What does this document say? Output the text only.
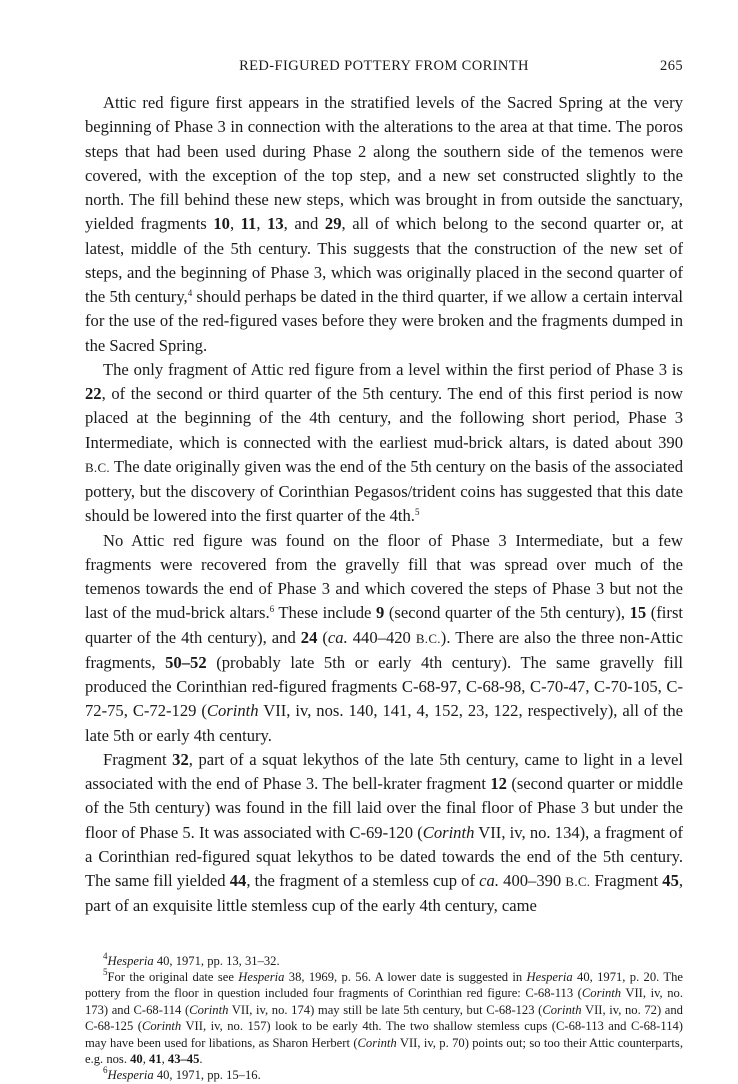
RED-FIGURED POTTERY FROM CORINTH	265

Attic red figure first appears in the stratified levels of the Sacred Spring at the very beginning of Phase 3 in connection with the alterations to the area at that time. The poros steps that had been used during Phase 2 along the southern side of the temenos were covered, with the exception of the top step, and a new set constructed slightly to the north. The fill behind these new steps, which was brought in from outside the sanctuary, yielded fragments 10, 11, 13, and 29, all of which belong to the second quarter or, at latest, middle of the 5th century. This suggests that the construction of the new set of steps, and the beginning of Phase 3, which was originally placed in the second quarter of the 5th century,$^4$ should perhaps be dated in the third quarter, if we allow a certain interval for the use of the red-figured vases before they were broken and the fragments dumped in the Sacred Spring.

The only fragment of Attic red figure from a level within the first period of Phase 3 is 22, of the second or third quarter of the 5th century. The end of this first period is now placed at the beginning of the 4th century, and the following short period, Phase 3 Intermediate, which is connected with the earliest mud-brick altars, is dated about 390 B.C. The date originally given was the end of the 5th century on the basis of the associated pottery, but the discovery of Corinthian Pegasos/trident coins has suggested that this date should be lowered into the first quarter of the 4th.$^5$

No Attic red figure was found on the floor of Phase 3 Intermediate, but a few fragments were recovered from the gravelly fill that was spread over much of the temenos towards the end of Phase 3 and which covered the steps of Phase 3 but not the last of the mud-brick altars.$^6$ These include 9 (second quarter of the 5th century), 15 (first quarter of the 4th century), and 24 (ca. 440–420 B.C.). There are also the three non-Attic fragments, 50–52 (probably late 5th or early 4th century). The same gravelly fill produced the Corinthian red-figured fragments C-68-97, C-68-98, C-70-47, C-70-105, C-72-75, C-72-129 (Corinth VII, iv, nos. 140, 141, 4, 152, 23, 122, respectively), all of the late 5th or early 4th century.

Fragment 32, part of a squat lekythos of the late 5th century, came to light in a level associated with the end of Phase 3. The bell-krater fragment 12 (second quarter or middle of the 5th century) was found in the fill laid over the final floor of Phase 3 but under the floor of Phase 5. It was associated with C-69-120 (Corinth VII, iv, no. 134), a fragment of a Corinthian red-figured squat lekythos to be dated towards the end of the 5th century. The same fill yielded 44, the fragment of a stemless cup of ca. 400–390 B.C. Fragment 45, part of an exquisite little stemless cup of the early 4th century, came

$^4$Hesperia 40, 1971, pp. 13, 31–32.

$^5$For the original date see Hesperia 38, 1969, p. 56. A lower date is suggested in Hesperia 40, 1971, p. 20. The pottery from the floor in question included four fragments of Corinthian red figure: C-68-113 (Corinth VII, iv, no. 173) and C-68-114 (Corinth VII, iv, no. 174) may still be late 5th century, but C-68-123 (Corinth VII, iv, no. 72) and C-68-125 (Corinth VII, iv, no. 157) look to be early 4th. The two shallow stemless cups (C-68-113 and C-68-114) may have been used for libations, as Sharon Herbert (Corinth VII, iv, p. 70) points out; so too their Attic counterparts, e.g. nos. 40, 41, 43–45.

$^6$Hesperia 40, 1971, pp. 15–16.
